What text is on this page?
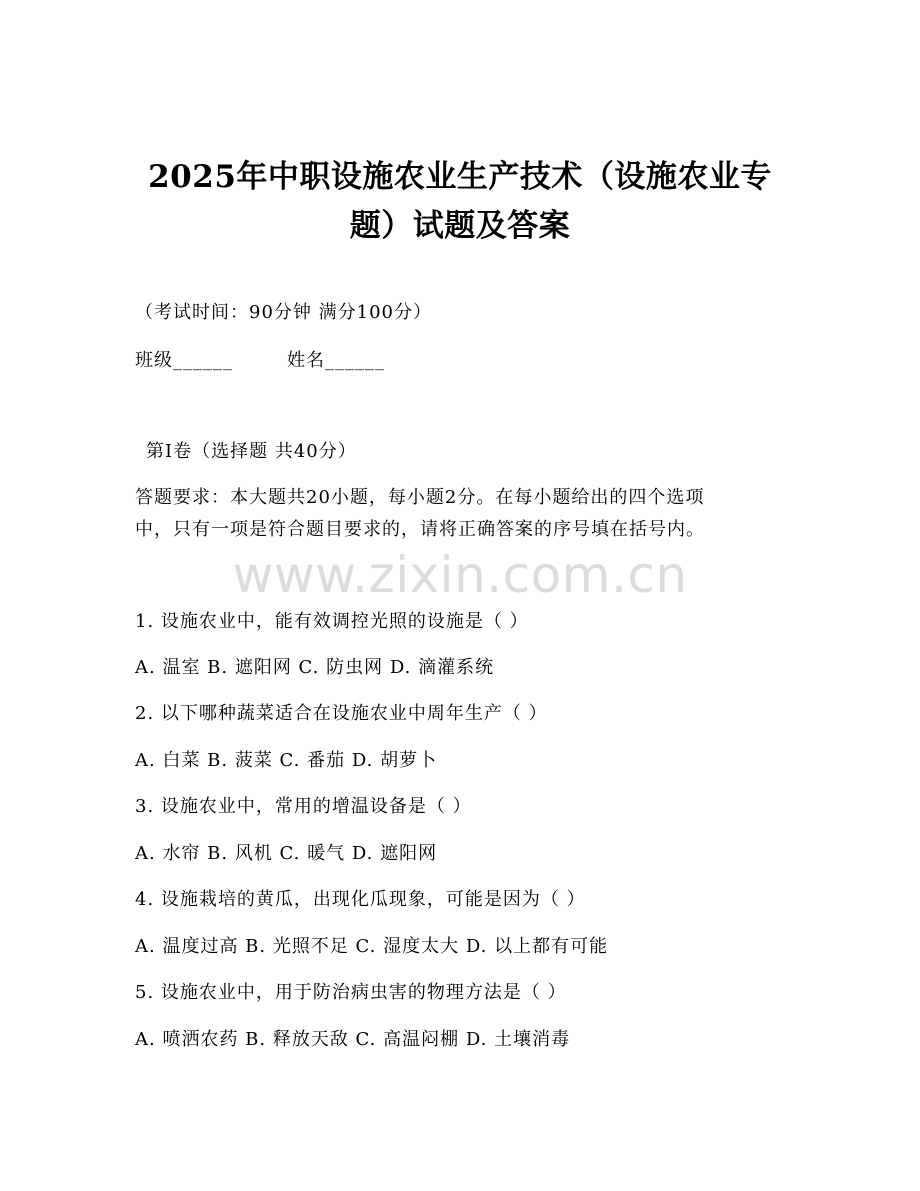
2025年中职设施农业生产技术（设施农业专
题）试题及答案
（考试时间：90分钟 满分100分）
班级______	姓名______
第Ⅰ卷（选择题 共40分）
答题要求：本大题共20小题，每小题2分。在每小题给出的四个选项
中，只有一项是符合题目要求的，请将正确答案的序号填在括号内。
www.zixin.com.cn
1. 设施农业中，能有效调控光照的设施是（ ）
A. 温室 B. 遮阳网 C. 防虫网 D. 滴灌系统
2. 以下哪种蔬菜适合在设施农业中周年生产（ ）
A. 白菜 B. 菠菜 C. 番茄 D. 胡萝卜
3. 设施农业中，常用的增温设备是（ ）
A. 水帘 B. 风机 C. 暖气 D. 遮阳网
4. 设施栽培的黄瓜，出现化瓜现象，可能是因为（ ）
A. 温度过高 B. 光照不足 C. 湿度太大 D. 以上都有可能
5. 设施农业中，用于防治病虫害的物理方法是（ ）
A. 喷洒农药 B. 释放天敌 C. 高温闷棚 D. 土壤消毒
